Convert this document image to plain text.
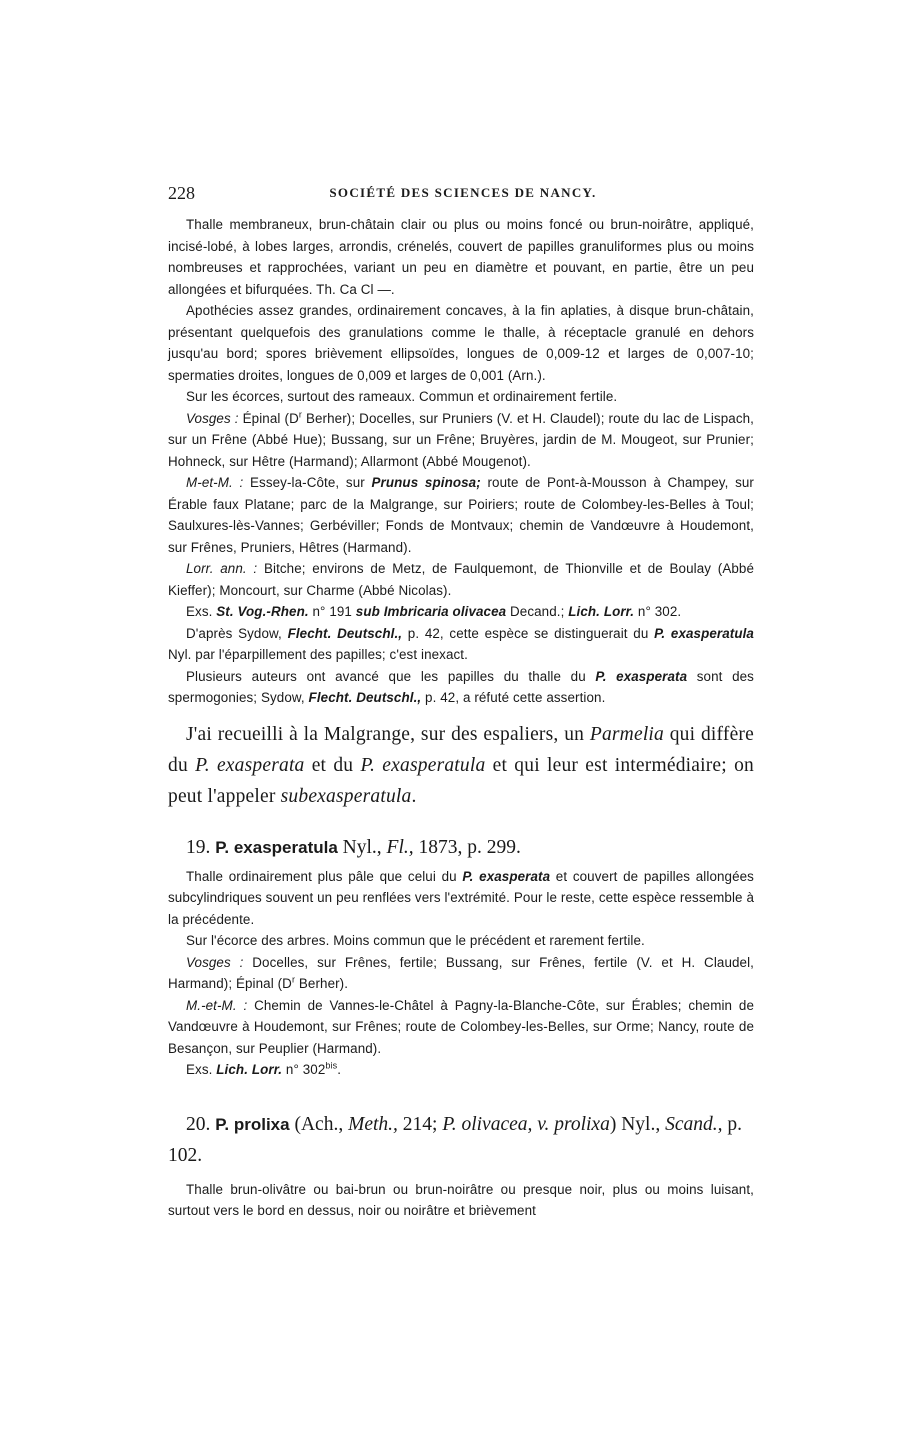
228	SOCIÉTÉ DES SCIENCES DE NANCY.

Thalle membraneux, brun-châtain clair ou plus ou moins foncé ou brun-noirâtre, appliqué, incisé-lobé, à lobes larges, arrondis, crénelés, couvert de papilles granuliformes plus ou moins nombreuses et rapprochées, variant un peu en diamètre et pouvant, en partie, être un peu allongées et bifurquées. Th. Ca Cl —.

Apothécies assez grandes, ordinairement concaves, à la fin aplaties, à disque brun-châtain, présentant quelquefois des granulations comme le thalle, à réceptacle granulé en dehors jusqu'au bord; spores brièvement ellipsoïdes, longues de 0,009-12 et larges de 0,007-10; spermaties droites, longues de 0,009 et larges de 0,001 (Arn.).

Sur les écorces, surtout des rameaux. Commun et ordinairement fertile.

Vosges : Épinal ($D^r$ Berher); Docelles, sur Pruniers (V. et H. Claudel); route du lac de Lispach, sur un Frêne (Abbé Hue); Bussang, sur un Frêne; Bruyères, jardin de M. Mougeot, sur Prunier; Hohneck, sur Hêtre (Harmand); Allarmont (Abbé Mougenot).

M-et-M. : Essey-la-Côte, sur Prunus spinosa; route de Pont-à-Mousson à Champey, sur Érable faux Platane; parc de la Malgrange, sur Poiriers; route de Colombey-les-Belles à Toul; Saulxures-lès-Vannes; Gerbéviller; Fonds de Montvaux; chemin de Vandœuvre à Houdemont, sur Frênes, Pruniers, Hêtres (Harmand).

Lorr. ann. : Bitche; environs de Metz, de Faulquemont, de Thionville et de Boulay (Abbé Kieffer); Moncourt, sur Charme (Abbé Nicolas).

Exs. St. Vog.-Rhen. n° 191 sub Imbricaria olivacea Decand.; Lich. Lorr. n° 302.

D'après Sydow, Flecht. Deutschl., p. 42, cette espèce se distinguerait du P. exasperatula Nyl. par l'éparpillement des papilles; c'est inexact.

Plusieurs auteurs ont avancé que les papilles du thalle du P. exasperata sont des spermogonies; Sydow, Flecht. Deutschl., p. 42, a réfuté cette assertion.

J'ai recueilli à la Malgrange, sur des espaliers, un Parmelia qui diffère du P. exasperata et du P. exasperatula et qui leur est intermédiaire; on peut l'appeler subexasperatula.

19. P. exasperatula Nyl., Fl., 1873, p. 299.

Thalle ordinairement plus pâle que celui du P. exasperata et couvert de papilles allongées subcylindriques souvent un peu renflées vers l'extrémité. Pour le reste, cette espèce ressemble à la précédente.

Sur l'écorce des arbres. Moins commun que le précédent et rarement fertile.

Vosges : Docelles, sur Frênes, fertile; Bussang, sur Frênes, fertile (V. et H. Claudel, Harmand); Épinal ($D^r$ Berher).

M.-et-M. : Chemin de Vannes-le-Châtel à Pagny-la-Blanche-Côte, sur Érables; chemin de Vandœuvre à Houdemont, sur Frênes; route de Colombey-les-Belles, sur Orme; Nancy, route de Besançon, sur Peuplier (Harmand).

Exs. Lich. Lorr. n° $302^{bis}$.

20. P. prolixa (Ach., Meth., 214; P. olivacea, v. prolixa) Nyl., Scand., p. 102.

Thalle brun-olivâtre ou bai-brun ou brun-noirâtre ou presque noir, plus ou moins luisant, surtout vers le bord en dessus, noir ou noirâtre et brièvement
